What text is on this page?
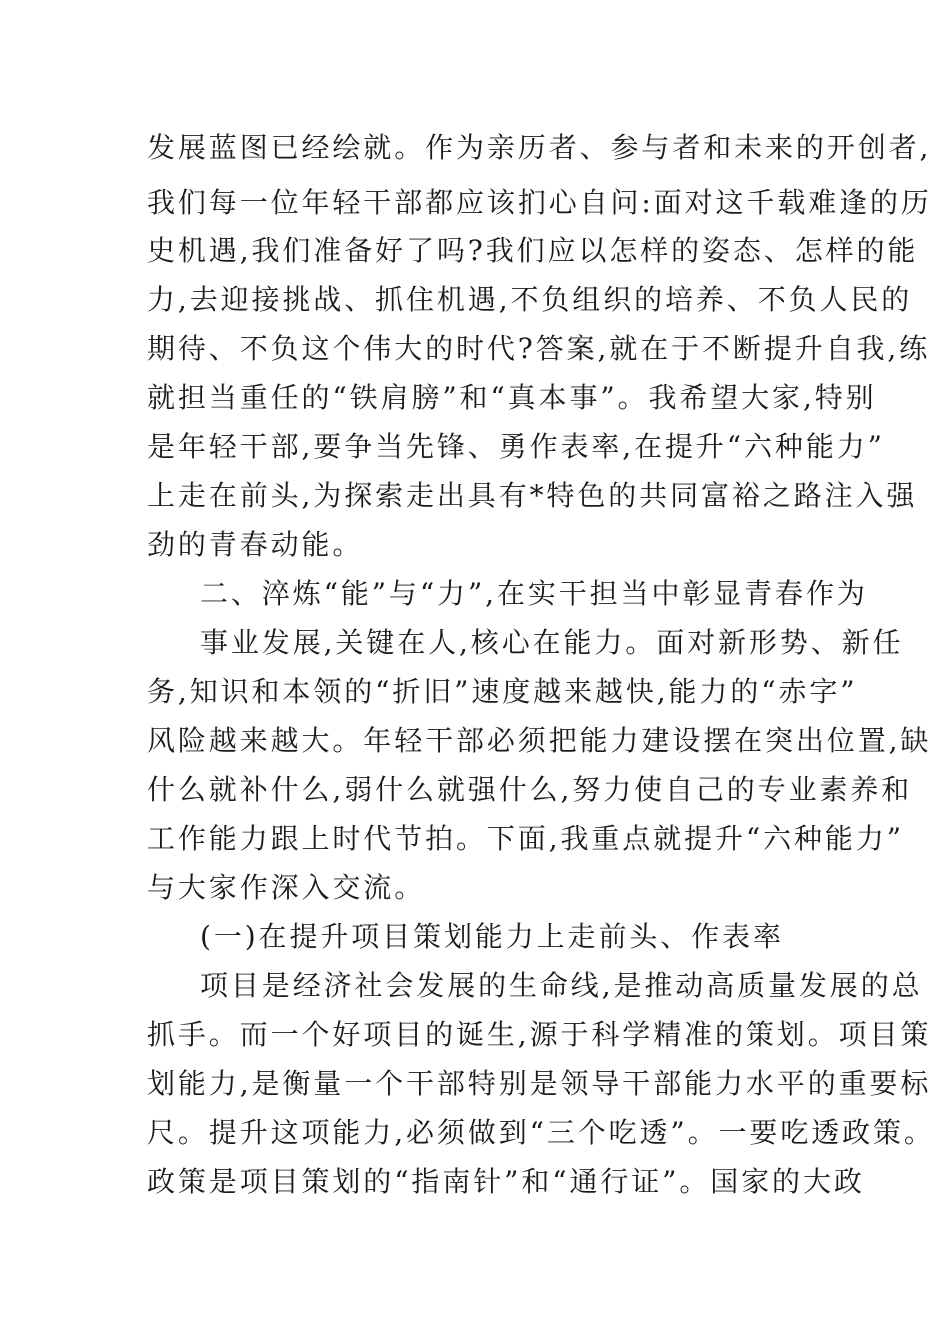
发展蓝图已经绘就。作为亲历者、参与者和未来的开创者,
我们每一位年轻干部都应该扪心自问:面对这千载难逢的历
史机遇,我们准备好了吗?我们应以怎样的姿态、怎样的能
力,去迎接挑战、抓住机遇,不负组织的培养、不负人民的
期待、不负这个伟大的时代?答案,就在于不断提升自我,练
就担当重任的“铁肩膀”和“真本事”。我希望大家,特别
是年轻干部,要争当先锋、勇作表率,在提升“六种能力”
上走在前头,为探索走出具有*特色的共同富裕之路注入强
劲的青春动能。
二、淬炼“能”与“力”,在实干担当中彰显青春作为
事业发展,关键在人,核心在能力。面对新形势、新任
务,知识和本领的“折旧”速度越来越快,能力的“赤字”
风险越来越大。年轻干部必须把能力建设摆在突出位置,缺
什么就补什么,弱什么就强什么,努力使自己的专业素养和
工作能力跟上时代节拍。下面,我重点就提升“六种能力”
与大家作深入交流。
(一)在提升项目策划能力上走前头、作表率
项目是经济社会发展的生命线,是推动高质量发展的总
抓手。而一个好项目的诞生,源于科学精准的策划。项目策
划能力,是衡量一个干部特别是领导干部能力水平的重要标
尺。提升这项能力,必须做到“三个吃透”。一要吃透政策。
政策是项目策划的“指南针”和“通行证”。国家的大政
